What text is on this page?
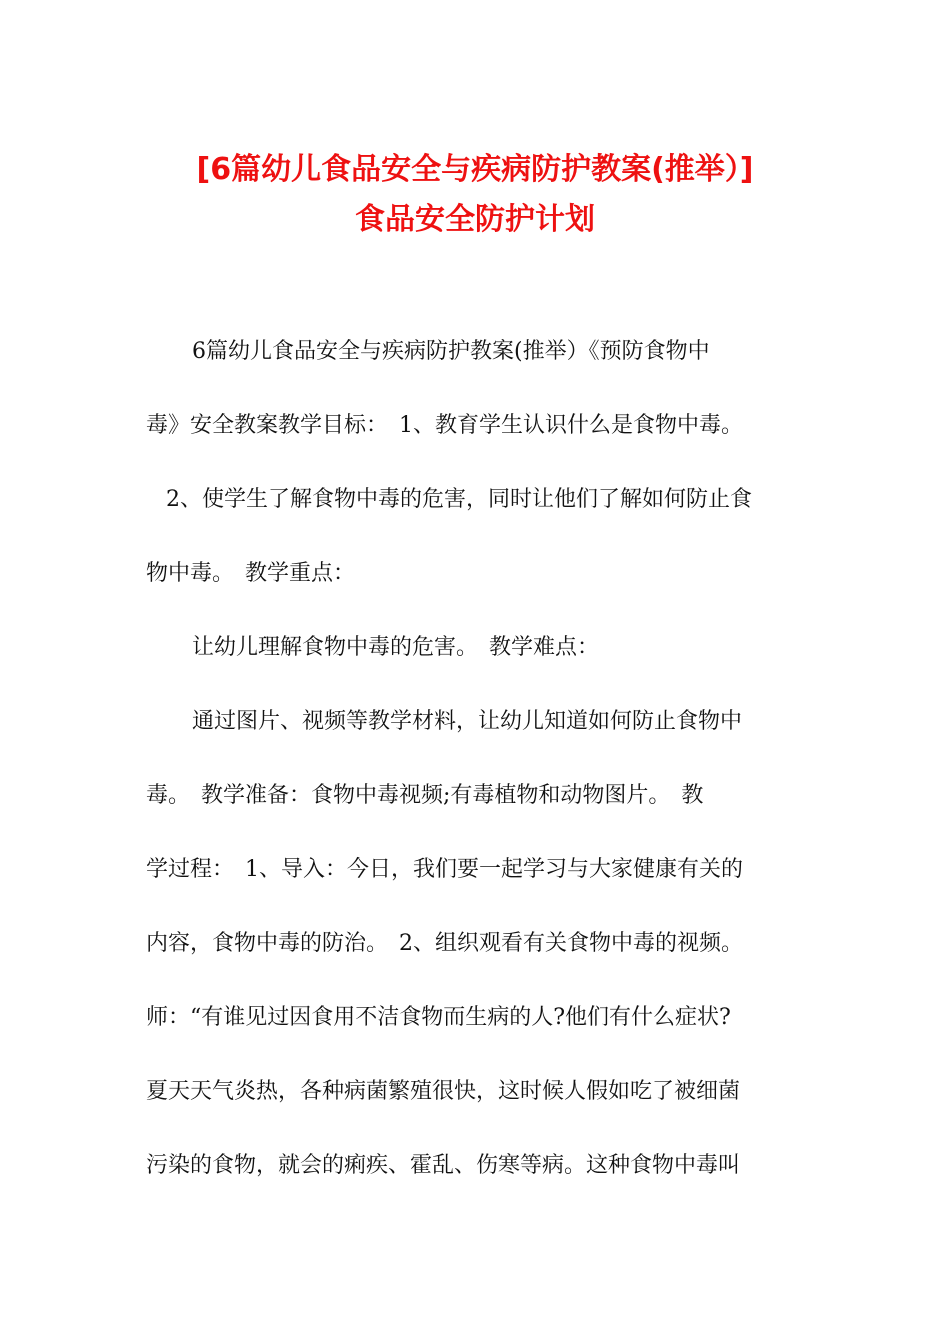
[6篇幼儿食品安全与疾病防护教案(推举）]
食品安全防护计划
6篇幼儿食品安全与疾病防护教案(推举）《预防食物中
毒》安全教案教学目标：　1、教育学生认识什么是食物中毒。
2、使学生了解食物中毒的危害，同时让他们了解如何防止食
物中毒。　教学重点：
让幼儿理解食物中毒的危害。　教学难点：
通过图片、视频等教学材料，让幼儿知道如何防止食物中
毒。　教学准备：食物中毒视频;有毒植物和动物图片。　教
学过程：　1、导入：今日，我们要一起学习与大家健康有关的
内容，食物中毒的防治。　2、组织观看有关食物中毒的视频。
师：“有谁见过因食用不洁食物而生病的人?他们有什么症状?
夏天天气炎热，各种病菌繁殖很快，这时候人假如吃了被细菌
污染的食物，就会的痢疾、霍乱、伤寒等病。这种食物中毒叫
